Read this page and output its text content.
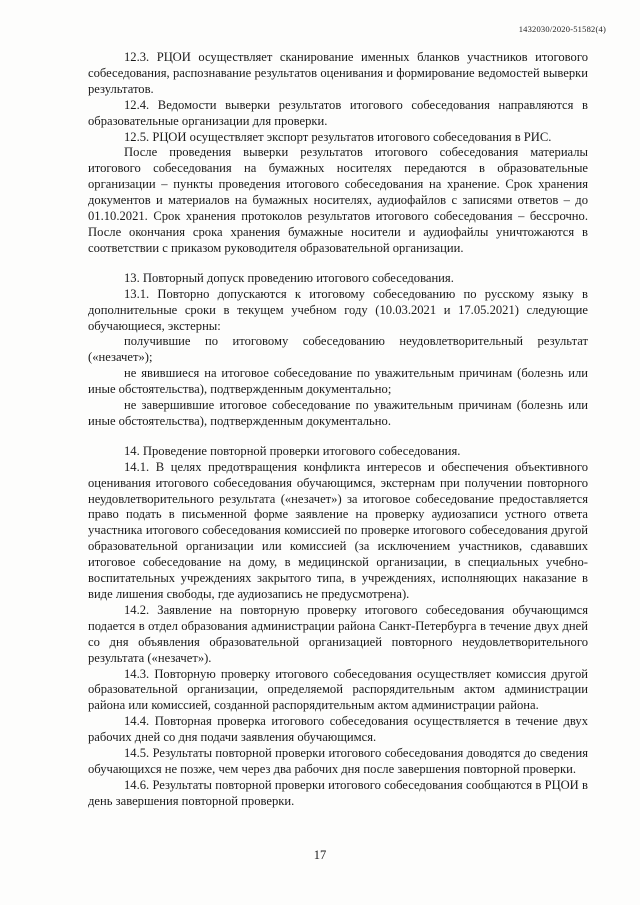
1432030/2020-51582(4)

12.3. РЦОИ осуществляет сканирование именных бланков участников итогового собеседования, распознавание результатов оценивания и формирование ведомостей выверки результатов.

12.4. Ведомости выверки результатов итогового собеседования направляются в образовательные организации для проверки.

12.5. РЦОИ осуществляет экспорт результатов итогового собеседования в РИС.

После проведения выверки результатов итогового собеседования материалы итогового собеседования на бумажных носителях передаются в образовательные организации – пункты проведения итогового собеседования на хранение. Срок хранения документов и материалов на бумажных носителях, аудиофайлов с записями ответов – до 01.10.2021. Срок хранения протоколов результатов итогового собеседования – бессрочно. После окончания срока хранения бумажные носители и аудиофайлы уничтожаются в соответствии с приказом руководителя образовательной организации.

13. Повторный допуск проведению итогового собеседования.

13.1. Повторно допускаются к итоговому собеседованию по русскому языку в дополнительные сроки в текущем учебном году (10.03.2021 и 17.05.2021) следующие обучающиеся, экстерны:

получившие по итоговому собеседованию неудовлетворительный результат («незачет»);

не явившиеся на итоговое собеседование по уважительным причинам (болезнь или иные обстоятельства), подтвержденным документально;

не завершившие итоговое собеседование по уважительным причинам (болезнь или иные обстоятельства), подтвержденным документально.

14. Проведение повторной проверки итогового собеседования.

14.1. В целях предотвращения конфликта интересов и обеспечения объективного оценивания итогового собеседования обучающимся, экстернам при получении повторного неудовлетворительного результата («незачет») за итоговое собеседование предоставляется право подать в письменной форме заявление на проверку аудиозаписи устного ответа участника итогового собеседования комиссией по проверке итогового собеседования другой образовательной организации или комиссией (за исключением участников, сдававших итоговое собеседование на дому, в медицинской организации, в специальных учебно-воспитательных учреждениях закрытого типа, в учреждениях, исполняющих наказание в виде лишения свободы, где аудиозапись не предусмотрена).

14.2. Заявление на повторную проверку итогового собеседования обучающимся подается в отдел образования администрации района Санкт-Петербурга в течение двух дней со дня объявления образовательной организацией повторного неудовлетворительного результата («незачет»).

14.3. Повторную проверку итогового собеседования осуществляет комиссия другой образовательной организации, определяемой распорядительным актом администрации района или комиссией, созданной распорядительным актом администрации района.

14.4. Повторная проверка итогового собеседования осуществляется в течение двух рабочих дней со дня подачи заявления обучающимся.

14.5. Результаты повторной проверки итогового собеседования доводятся до сведения обучающихся не позже, чем через два рабочих дня после завершения повторной проверки.

14.6. Результаты повторной проверки итогового собеседования сообщаются в РЦОИ в день завершения повторной проверки.

17
